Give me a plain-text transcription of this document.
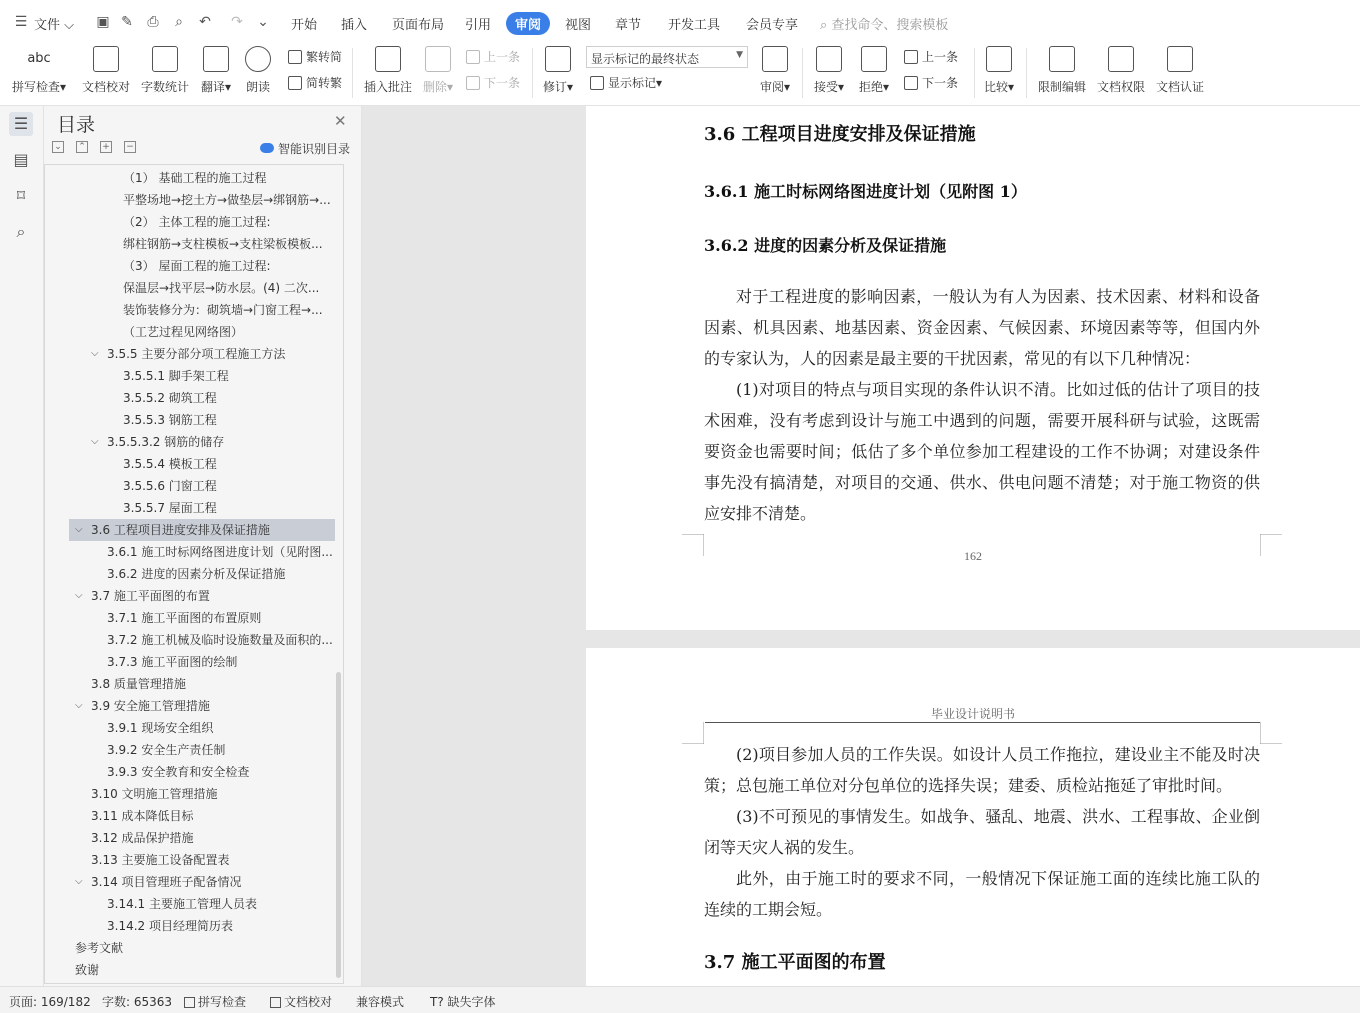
☰ 文件 ⌵ ▣ ✎ ⎙	⌕	↶ ↷ ⌄ 开始 插入 页面布局 引用	审阅	视图 章节 开发工具 会员专享 ⌕ 查找命令、搜索模板
abc
拼写检查▾	文档校对 字数统计 翻译▾	朗读
繁转简
简转繁	插入批注 删除▾
上一条
下一条 修订▾
显示标记的最终状态	▼
显示标记▾	审阅▾	接受▾	拒绝▾
上一条
下一条	比较▾	限制编辑 文档权限 文档认证
☰
▤
⌑
⌕
目录	✕
⌄ ⌃ + −	智能识别目录
（1） 基础工程的施工过程
平整场地→挖土方→做垫层→绑钢筋→...
（2） 主体工程的施工过程:
绑柱钢筋→支柱模板→支柱梁板模板...
（3） 屋面工程的施工过程:
保温层→找平层→防水层。(4) 二次...
装饰装修分为：砌筑墙→门窗工程→...
（工艺过程见网络图）
3.5.5 主要分部分项工程施工方法
⌵
3.5.5.1 脚手架工程
3.5.5.2 砌筑工程
3.5.5.3 钢筋工程
3.5.5.3.2 钢筋的储存
⌵
3.5.5.4 模板工程
3.5.5.6 门窗工程
3.5.5.7 屋面工程
3.6 工程项目进度安排及保证措施
⌵
3.6.1 施工时标网络图进度计划（见附图...
3.6.2 进度的因素分析及保证措施
3.7 施工平面图的布置
⌵
3.7.1 施工平面图的布置原则
3.7.2 施工机械及临时设施数量及面积的...
3.7.3 施工平面图的绘制
3.8 质量管理措施
3.9 安全施工管理措施
⌵
3.9.1 现场安全组织
3.9.2 安全生产责任制
3.9.3 安全教育和安全检查
3.10 文明施工管理措施
3.11 成本降低目标
3.12 成品保护措施
3.13 主要施工设备配置表
3.14 项目管理班子配备情况
⌵
3.14.1 主要施工管理人员表
3.14.2 项目经理简历表
参考文献
致谢
3.6 工程项目进度安排及保证措施
3.6.1 施工时标网络图进度计划（见附图 1）
3.6.2 进度的因素分析及保证措施
对于工程进度的影响因素，一般认为有人为因素、技术因素、材料和设备因素、机具因素、地基因素、资金因素、气候因素、环境因素等等，但国内外的专家认为，人的因素是最主要的干扰因素，常见的有以下几种情况：
(1)对项目的特点与项目实现的条件认识不清。比如过低的估计了项目的技术困难，没有考虑到设计与施工中遇到的问题，需要开展科研与试验，这既需要资金也需要时间；低估了多个单位参加工程建设的工作不协调；对建设条件事先没有搞清楚，对项目的交通、供水、供电问题不清楚；对于施工物资的供应安排不清楚。
162
毕业设计说明书
(2)项目参加人员的工作失误。如设计人员工作拖拉，建设业主不能及时决策；总包施工单位对分包单位的选择失误；建委、质检站拖延了审批时间。
(3)不可预见的事情发生。如战争、骚乱、地震、洪水、工程事故、企业倒闭等天灾人祸的发生。
此外，由于施工时的要求不同，一般情况下保证施工面的连续比施工队的连续的工期会短。
3.7 施工平面图的布置
页面: 169/182 字数: 65363	拼写检查	文档校对 兼容模式 T? 缺失字体
